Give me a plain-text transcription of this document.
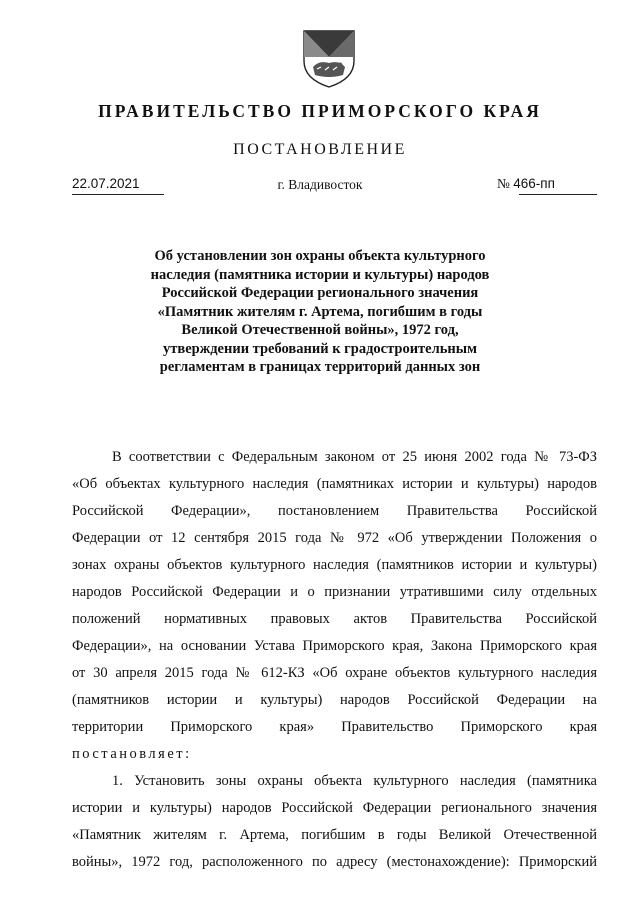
ПРАВИТЕЛЬСТВО ПРИМОРСКОГО КРАЯ
ПОСТАНОВЛЕНИЕ
22.07.2021	г. Владивосток	№ 466-пп
Об установлении зон охраны объекта культурного
наследия (памятника истории и культуры) народов
Российской Федерации регионального значения
«Памятник жителям г. Артема, погибшим в годы
Великой Отечественной войны», 1972 год,
утверждении требований к градостроительным
регламентам в границах территорий данных зон
В соответствии с Федеральным законом от 25 июня 2002 года № 73-ФЗ
«Об объектах культурного наследия (памятниках истории и культуры) народов
Российской Федерации», постановлением Правительства Российской
Федерации от 12 сентября 2015 года № 972 «Об утверждении Положения о
зонах охраны объектов культурного наследия (памятников истории и культуры)
народов Российской Федерации и о признании утратившими силу отдельных
положений нормативных правовых актов Правительства Российской
Федерации», на основании Устава Приморского края, Закона Приморского края
от 30 апреля 2015 года № 612-КЗ «Об охране объектов культурного наследия
(памятников истории и культуры) народов Российской Федерации на
территории Приморского края» Правительство Приморского края
постановляет:
1. Установить зоны охраны объекта культурного наследия (памятника
истории и культуры) народов Российской Федерации регионального значения
«Памятник жителям г. Артема, погибшим в годы Великой Отечественной
войны», 1972 год, расположенного по адресу (местонахождение): Приморский
